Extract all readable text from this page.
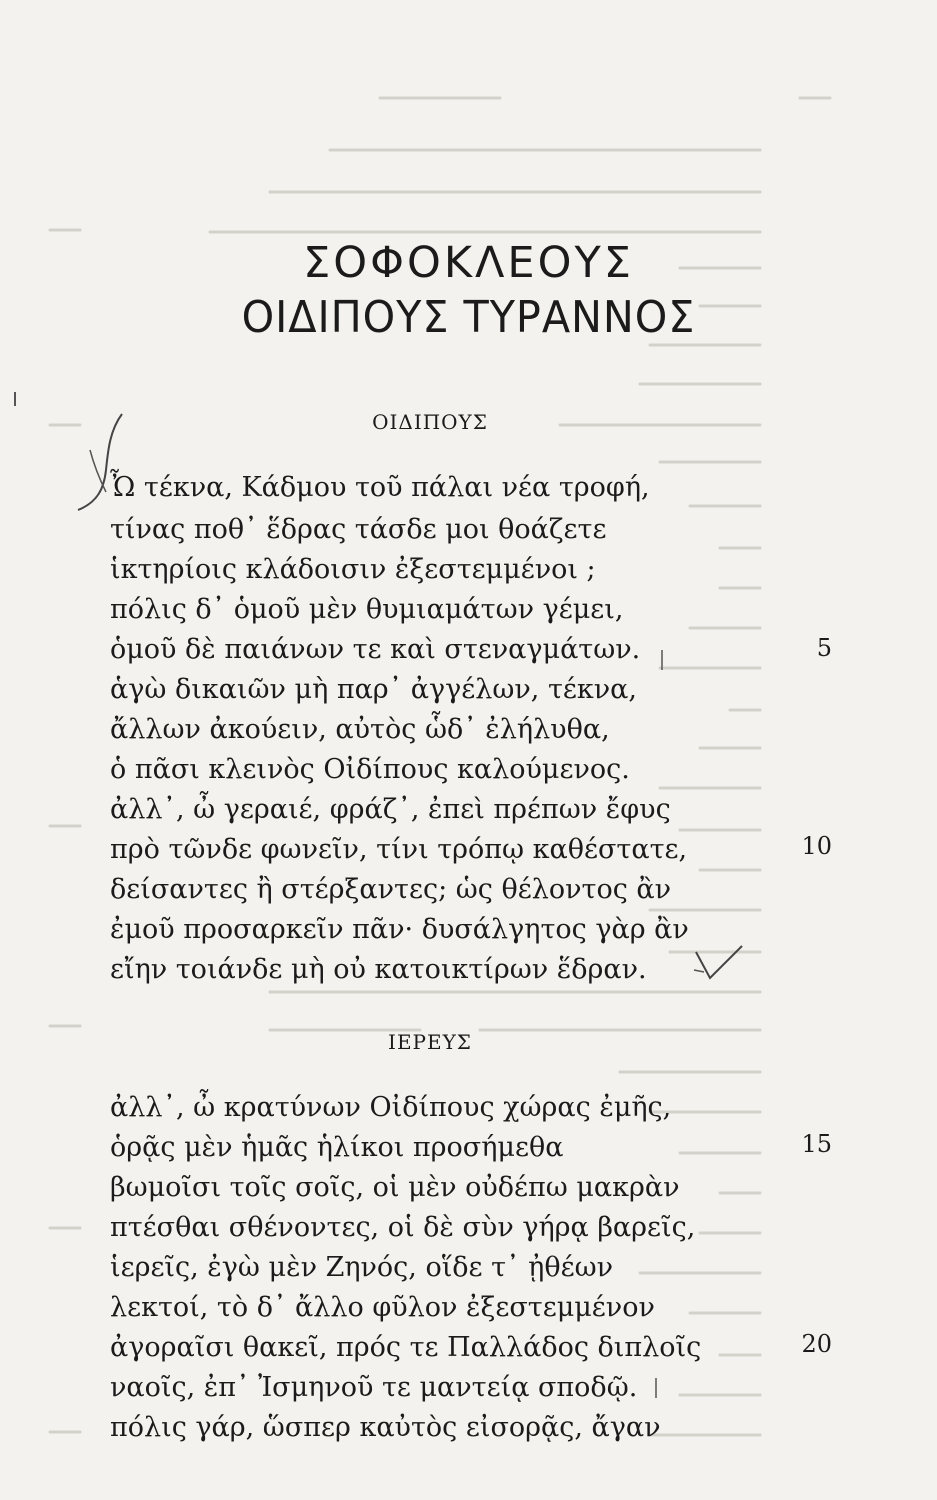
ΣΟΦΟΚΛΕΟΥΣ
ΟΙΔΙΠΟΥΣ ΤΥΡΑΝΝΟΣ
ΟΙΔΙΠΟΥΣ
Ὦ τέκνα, Κάδμου τοῦ πάλαι νέα τροφή,
τίνας ποθ᾽ ἕδρας τάσδε μοι θοάζετε
ἱκτηρίοις κλάδοισιν ἐξεστεμμένοι ;
πόλις δ᾽ ὁμοῦ μὲν θυμιαμάτων γέμει,
ὁμοῦ δὲ παιάνων τε καὶ στεναγμάτων.
ἁγὼ δικαιῶν μὴ παρ᾽ ἀγγέλων, τέκνα,
ἄλλων ἀκούειν, αὐτὸς ὧδ᾽ ἐλήλυθα,
ὁ πᾶσι κλεινὸς Οἰδίπους καλούμενος.
ἀλλ᾽, ὦ γεραιέ, φράζ᾽, ἐπεὶ πρέπων ἔφυς
πρὸ τῶνδε φωνεῖν, τίνι τρόπῳ καθέστατε,
δείσαντες ἢ στέρξαντες; ὡς θέλοντος ἂν
ἐμοῦ προσαρκεῖν πᾶν· δυσάλγητος γὰρ ἂν
εἴην τοιάνδε μὴ οὐ κατοικτίρων ἕδραν.
ΙΕΡΕΥΣ
ἀλλ᾽, ὦ κρατύνων Οἰδίπους χώρας ἐμῆς,
ὁρᾷς μὲν ἡμᾶς ἡλίκοι προσήμεθα
βωμοῖσι τοῖς σοῖς, οἱ μὲν οὐδέπω μακρὰν
πτέσθαι σθένοντες, οἱ δὲ σὺν γήρᾳ βαρεῖς,
ἱερεῖς, ἐγὼ μὲν Ζηνός, οἵδε τ᾽ ᾐθέων
λεκτοί, τὸ δ᾽ ἄλλο φῦλον ἐξεστεμμένον
ἀγοραῖσι θακεῖ, πρός τε Παλλάδος διπλοῖς
ναοῖς, ἐπ᾽ Ἰσμηνοῦ τε μαντείᾳ σποδῷ.
πόλις γάρ, ὥσπερ καὐτὸς εἰσορᾷς, ἄγαν
5
10
15
20
